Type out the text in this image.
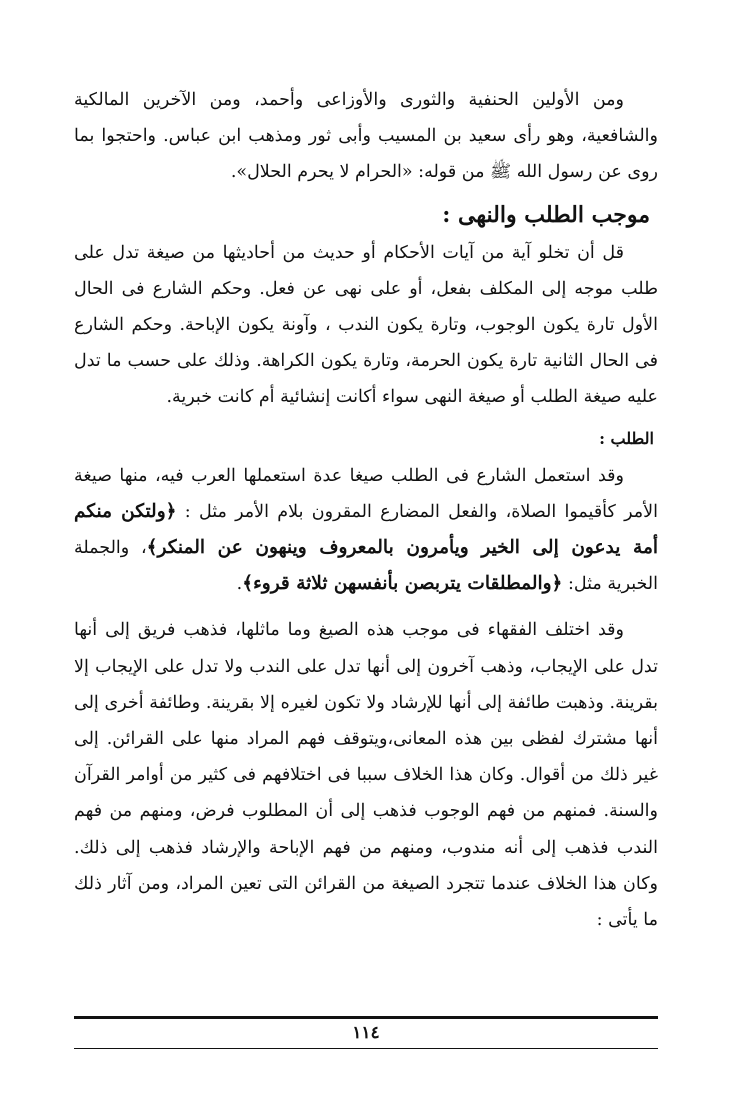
ومن الأولين الحنفية والثورى والأوزاعى وأحمد، ومن الآخرين المالكية والشافعية، وهو رأى سعيد بن المسيب وأبى ثور ومذهب ابن عباس. واحتجوا بما روى عن رسول الله ﷺ من قوله: «الحرام لا يحرم الحلال».

موجب الطلب والنهى :

قل أن تخلو آية من آيات الأحكام أو حديث من أحاديثها من صيغة تدل على طلب موجه إلى المكلف بفعل، أو على نهى عن فعل. وحكم الشارع فى الحال الأول تارة يكون الوجوب، وتارة يكون الندب ، وآونة يكون الإباحة. وحكم الشارع فى الحال الثانية تارة يكون الحرمة، وتارة يكون الكراهة. وذلك على حسب ما تدل عليه صيغة الطلب أو صيغة النهى سواء أكانت إنشائية أم كانت خبرية.

الطلب :

وقد استعمل الشارع فى الطلب صيغا عدة استعملها العرب فيه، منها صيغة الأمر كأقيموا الصلاة، والفعل المضارع المقرون بلام الأمر مثل : ﴿ولتكن منكم أمة يدعون إلى الخير ويأمرون بالمعروف وينهون عن المنكر﴾، والجملة الخبرية مثل: ﴿والمطلقات يتربصن بأنفسهن ثلاثة قروء﴾.

وقد اختلف الفقهاء فى موجب هذه الصيغ وما ماثلها، فذهب فريق إلى أنها تدل على الإيجاب، وذهب آخرون إلى أنها تدل على الندب ولا تدل على الإيجاب إلا بقرينة. وذهبت طائفة إلى أنها للإرشاد ولا تكون لغيره إلا بقرينة. وطائفة أخرى إلى أنها مشترك لفظى بين هذه المعانى،ويتوقف فهم المراد منها على القرائن. إلى غير ذلك من أقوال. وكان هذا الخلاف سببا فى اختلافهم فى كثير من أوامر القرآن والسنة. فمنهم من فهم الوجوب فذهب إلى أن المطلوب فرض، ومنهم من فهم الندب فذهب إلى أنه مندوب، ومنهم من فهم الإباحة والإرشاد فذهب إلى ذلك. وكان هذا الخلاف عندما تتجرد الصيغة من القرائن التى تعين المراد، ومن آثار ذلك ما يأتى :

١١٤
